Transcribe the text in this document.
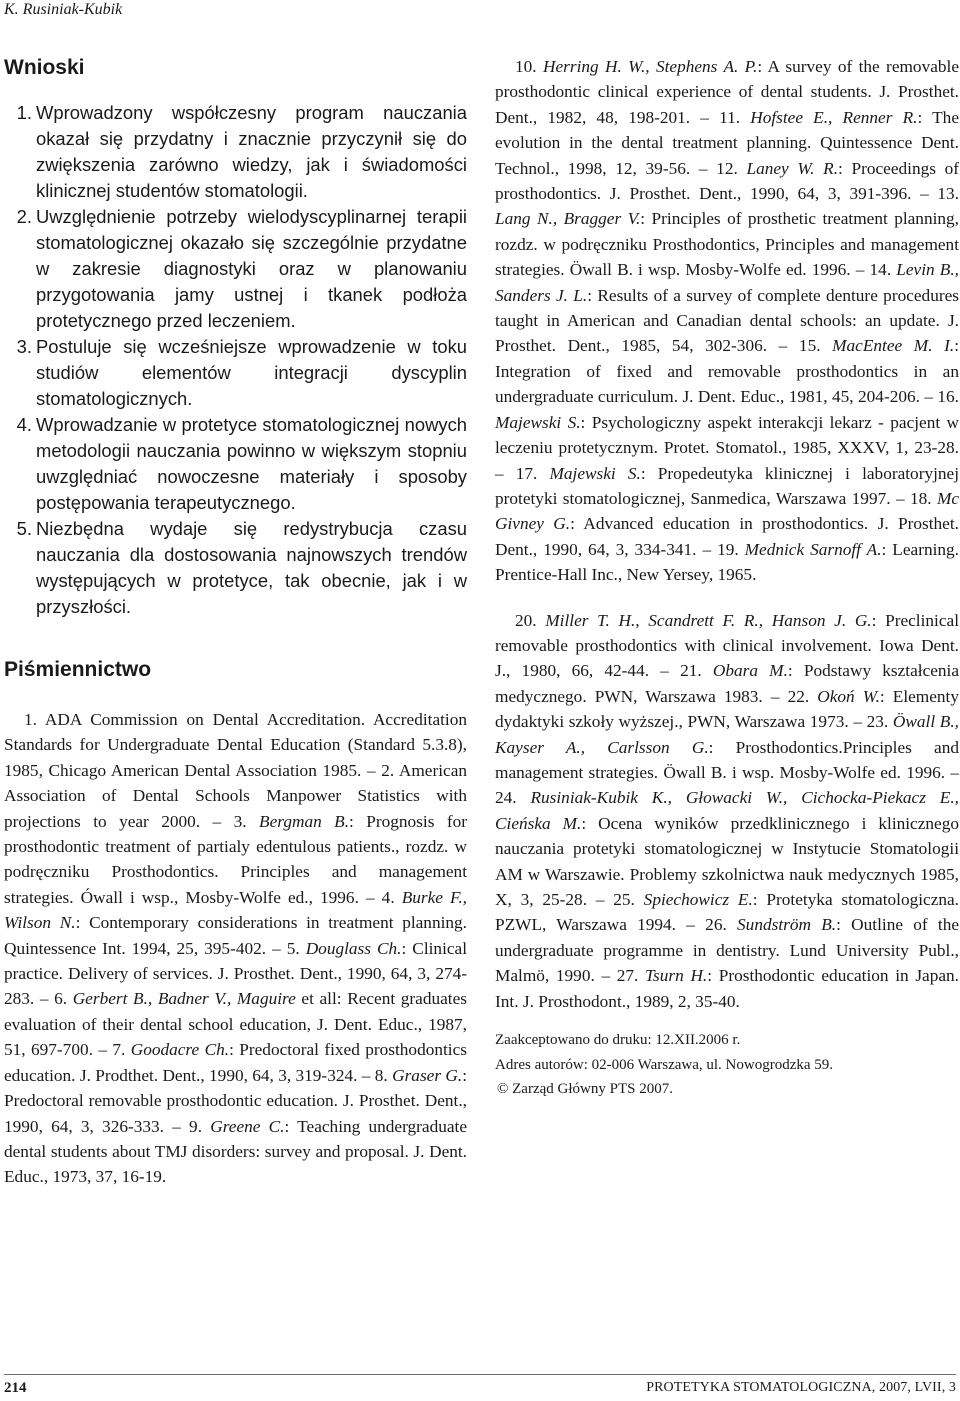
K. Rusiniak-Kubik
Wnioski
1. Wprowadzony współczesny program nauczania okazał się przydatny i znacznie przyczynił się do zwiększenia zarówno wiedzy, jak i świadomości klinicznej studentów stomatologii.
2. Uwzględnienie potrzeby wielodyscyplinarnej terapii stomatologicznej okazało się szczególnie przydatne w zakresie diagnostyki oraz w planowaniu przygotowania jamy ustnej i tkanek podłoża protetycznego przed leczeniem.
3. Postuluje się wcześniejsze wprowadzenie w toku studiów elementów integracji dyscyplin stomatologicznych.
4. Wprowadzanie w protetyce stomatologicznej nowych metodologii nauczania powinno w większym stopniu uwzględniać nowoczesne materiały i sposoby postępowania terapeutycznego.
5. Niezbędna wydaje się redystrybucja czasu nauczania dla dostosowania najnowszych trendów występujących w protetyce, tak obecnie, jak i w przyszłości.
Piśmiennictwo

1. ADA Commission on Dental Accreditation. Accreditation Standards for Undergraduate Dental Education (Standard 5.3.8), 1985, Chicago American Dental Association 1985. – 2. American Association of Dental Schools Manpower Statistics with projections to year 2000. – 3. Bergman B.: Prognosis for prosthodontic treatment of partialy edentulous patients., rozdz. w podręczniku Prosthodontics. Principles and management strategies. Ówall i wsp., Mosby-Wolfe ed., 1996. – 4. Burke F., Wilson N.: Contemporary considerations in treatment planning. Quintessence Int. 1994, 25, 395-402. – 5. Douglass Ch.: Clinical practice. Delivery of services. J. Prosthet. Dent., 1990, 64, 3, 274-283. – 6. Gerbert B., Badner V., Maguire et all: Recent graduates evaluation of their dental school education, J. Dent. Educ., 1987, 51, 697-700. – 7. Goodacre Ch.: Predoctoral fixed prosthodontics education. J. Prodthet. Dent., 1990, 64, 3, 319-324. – 8. Graser G.: Predoctoral removable prosthodontic education. J. Prosthet. Dent., 1990, 64, 3, 326-333. – 9. Greene C.: Teaching undergraduate dental students about TMJ disorders: survey and proposal. J. Dent. Educ., 1973, 37, 16-19.

10. Herring H. W., Stephens A. P.: A survey of the removable prosthodontic clinical experience of dental students. J. Prosthet. Dent., 1982, 48, 198-201. – 11. Hofstee E., Renner R.: The evolution in the dental treatment planning. Quintessence Dent. Technol., 1998, 12, 39-56. – 12. Laney W. R.: Proceedings of prosthodontics. J. Prosthet. Dent., 1990, 64, 3, 391-396. – 13. Lang N., Bragger V.: Principles of prosthetic treatment planning, rozdz. w podręczniku Prosthodontics, Principles and management strategies. Öwall B. i wsp. Mosby-Wolfe ed. 1996. – 14. Levin B., Sanders J. L.: Results of a survey of complete denture procedures taught in American and Canadian dental schools: an update. J. Prosthet. Dent., 1985, 54, 302-306. – 15. MacEntee M. I.: Integration of fixed and removable prosthodontics in an undergraduate curriculum. J. Dent. Educ., 1981, 45, 204-206. – 16. Majewski S.: Psychologiczny aspekt interakcji lekarz - pacjent w leczeniu protetycznym. Protet. Stomatol., 1985, XXXV, 1, 23-28. – 17. Majewski S.: Propedeutyka klinicznej i laboratoryjnej protetyki stomatologicznej, Sanmedica, Warszawa 1997. – 18. Mc Givney G.: Advanced education in prosthodontics. J. Prosthet. Dent., 1990, 64, 3, 334-341. – 19. Mednick Sarnoff A.: Learning. Prentice-Hall Inc., New Yersey, 1965.

20. Miller T. H., Scandrett F. R., Hanson J. G.: Preclinical removable prosthodontics with clinical involvement. Iowa Dent. J., 1980, 66, 42-44. – 21. Obara M.: Podstawy kształcenia medycznego. PWN, Warszawa 1983. – 22. Okoń W.: Elementy dydaktyki szkoły wyższej., PWN, Warszawa 1973. – 23. Öwall B., Kayser A., Carlsson G.: Prosthodontics.Principles and management strategies. Öwall B. i wsp. Mosby-Wolfe ed. 1996. – 24. Rusiniak-Kubik K., Głowacki W., Cichocka-Piekacz E., Cieńska M.: Ocena wyników przedklinicznego i klinicznego nauczania protetyki stomatologicznej w Instytucie Stomatologii AM w Warszawie. Problemy szkolnictwa nauk medycznych 1985, X, 3, 25-28. – 25. Spiechowicz E.: Protetyka stomatologiczna. PZWL, Warszawa 1994. – 26. Sundström B.: Outline of the undergraduate programme in dentistry. Lund University Publ., Malmö, 1990. – 27. Tsurn H.: Prosthodontic education in Japan. Int. J. Prosthodont., 1989, 2, 35-40.

Zaakceptowano do druku: 12.XII.2006 r.
Adres autorów: 02-006 Warszawa, ul. Nowogrodzka 59.
© Zarząd Główny PTS 2007.
214	PROTETYKA STOMATOLOGICZNA, 2007, LVII, 3
